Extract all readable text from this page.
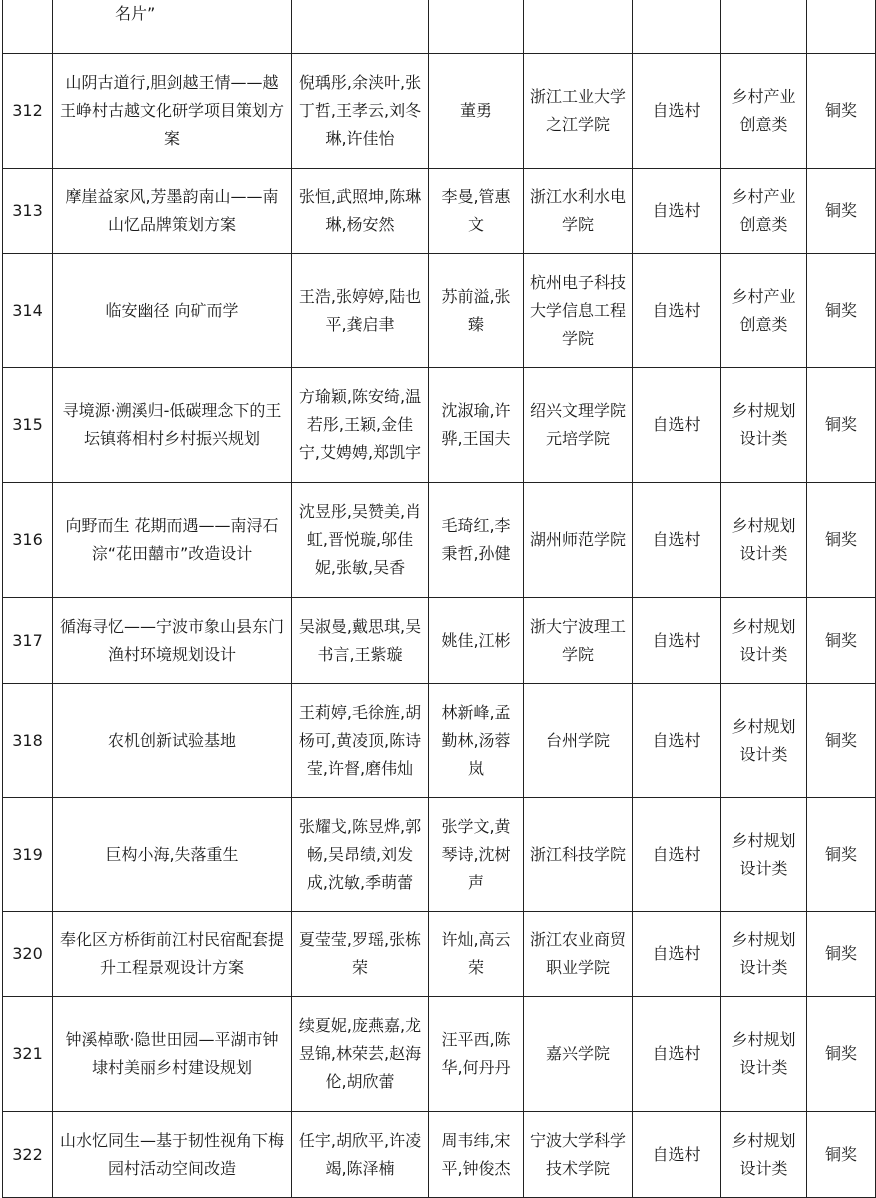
	名片”						
312	山阴古道行,胆剑越王情——越王峥村古越文化研学项目策划方案	倪瑀彤,余浃叶,张丁哲,王孝云,刘冬琳,许佳怡	董勇	浙江工业大学之江学院	自选村	乡村产业创意类	铜奖
313	摩崖益家风,芳墨韵南山——南山忆品牌策划方案	张恒,武照坤,陈琳琳,杨安然	李曼,管惠文	浙江水利水电学院	自选村	乡村产业创意类	铜奖
314	临安幽径 向矿而学	王浩,张婷婷,陆也平,龚启聿	苏前溢,张臻	杭州电子科技大学信息工程学院	自选村	乡村产业创意类	铜奖
315	寻境源·溯溪归-低碳理念下的王坛镇蒋相村乡村振兴规划	方瑜颖,陈安绮,温若彤,王颖,金佳宁,艾娉娉,郑凯宇	沈淑瑜,许骅,王国夫	绍兴文理学院元培学院	自选村	乡村规划设计类	铜奖
316	向野而生 花期而遇——南浔石淙“花田囍市”改造设计	沈昱彤,吴赞美,肖虹,晋悦璇,邬佳妮,张敏,吴香	毛琦红,李秉哲,孙健	湖州师范学院	自选村	乡村规划设计类	铜奖
317	循海寻忆——宁波市象山县东门渔村环境规划设计	吴淑曼,戴思琪,吴书言,王紫璇	姚佳,江彬	浙大宁波理工学院	自选村	乡村规划设计类	铜奖
318	农机创新试验基地	王莉婷,毛徐旌,胡杨可,黄凌顶,陈诗莹,许督,磨伟灿	林新峰,孟勤林,汤蓉岚	台州学院	自选村	乡村规划设计类	铜奖
319	巨构小海,失落重生	张耀戈,陈昱烨,郭畅,吴昂绩,刘发成,沈敏,季萌蕾	张学文,黄琴诗,沈树声	浙江科技学院	自选村	乡村规划设计类	铜奖
320	奉化区方桥街前江村民宿配套提升工程景观设计方案	夏莹莹,罗瑶,张栋荣	许灿,高云荣	浙江农业商贸职业学院	自选村	乡村规划设计类	铜奖
321	钟溪棹歌·隐世田园—平湖市钟埭村美丽乡村建设规划	续夏妮,庞燕嘉,龙昱锦,林荣芸,赵海伦,胡欣蕾	汪平西,陈华,何丹丹	嘉兴学院	自选村	乡村规划设计类	铜奖
322	山水忆同生—基于韧性视角下梅园村活动空间改造	任宇,胡欣平,许凌竭,陈泽楠	周韦纬,宋平,钟俊杰	宁波大学科学技术学院	自选村	乡村规划设计类	铜奖
